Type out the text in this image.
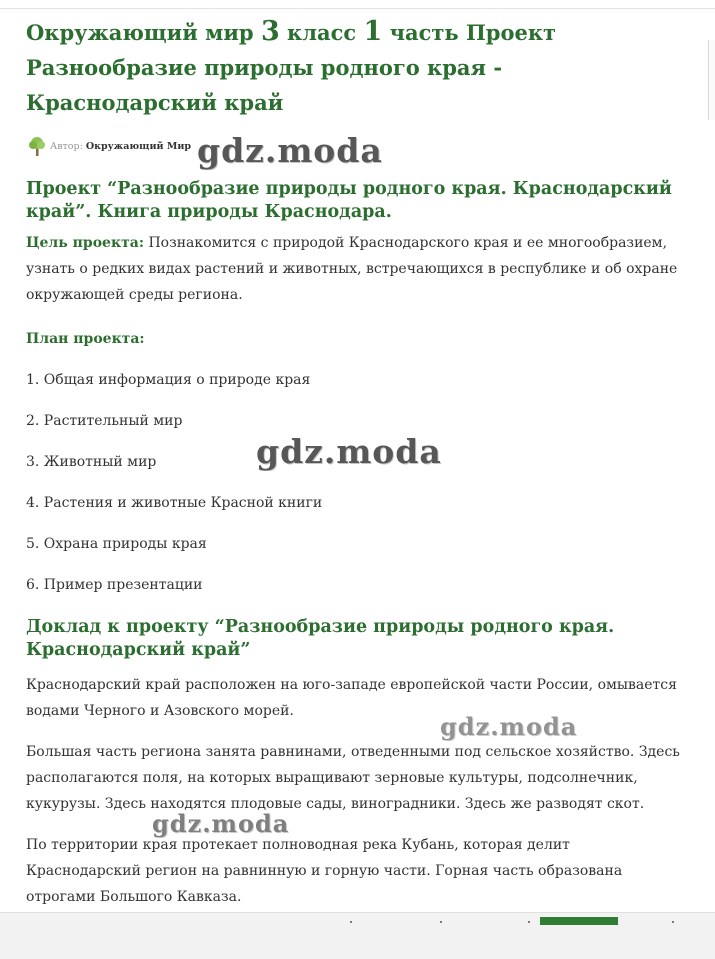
Окружающий мир 3 класс 1 часть Проект Разнообразие природы родного края - Краснодарский край
Автор: Окружающий Мир
Проект “Разнообразие природы родного края. Краснодарский край”. Книга природы Краснодара.

Цель проекта: Познакомится с природой Краснодарского края и ее многообразием, узнать о редких видах растений и животных, встречающихся в республике и об охране окружающей среды региона.

План проекта:
1. Общая информация о природе края
2. Растительный мир
3. Животный мир
4. Растения и животные Красной книги
5. Охрана природы края
6. Пример презентации
Доклад к проекту “Разнообразие природы родного края. Краснодарский край”

Краснодарский край расположен на юго-западе европейской части России, омывается водами Черного и Азовского морей.

Большая часть региона занята равнинами, отведенными под сельское хозяйство. Здесь располагаются поля, на которых выращивают зерновые культуры, подсолнечник, кукурузы. Здесь находятся плодовые сады, виноградники. Здесь же разводят скот.

По территории края протекает полноводная река Кубань, которая делит Краснодарский регион на равнинную и горную части. Горная часть образована отрогами Большого Кавказа.

gdz.moda
gdz.moda
gdz.moda
gdz.moda
